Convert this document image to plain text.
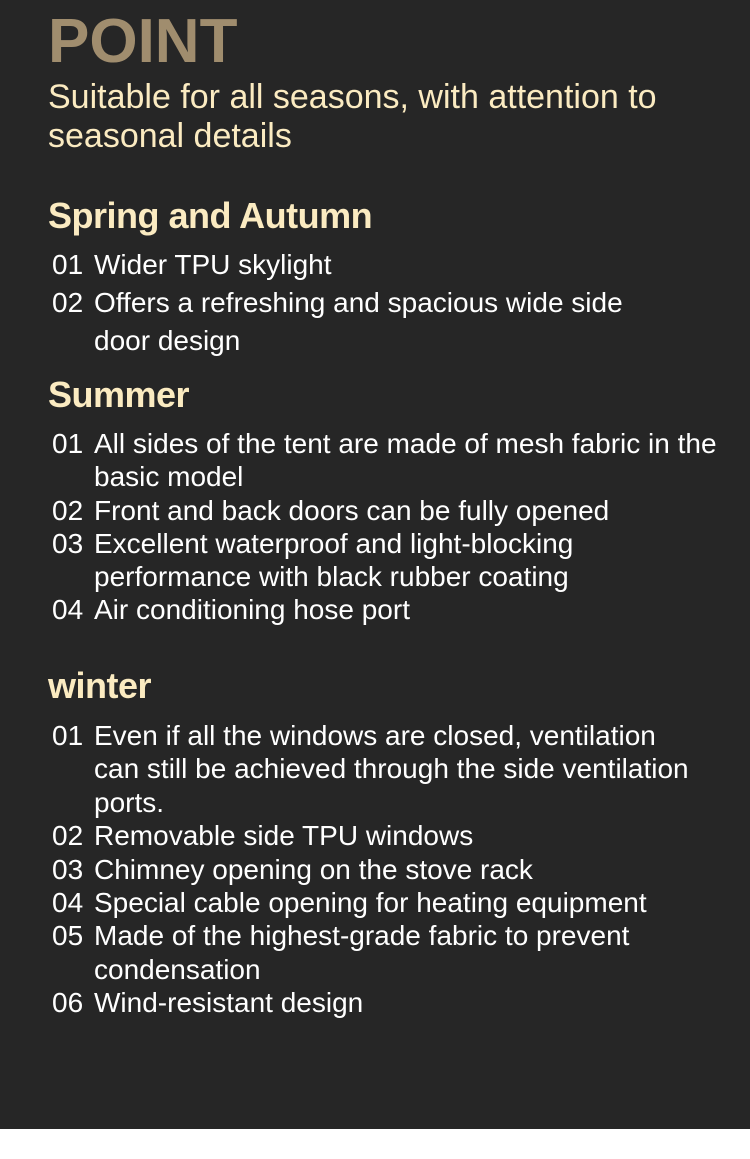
POINT

Suitable for all seasons, with attention to seasonal details

Spring and Autumn
01 Wider TPU skylight
02 Offers a refreshing and spacious wide side door design
Summer
01 All sides of the tent are made of mesh fabric in the basic model
02 Front and back doors can be fully opened
03 Excellent waterproof and light-blocking performance with black rubber coating
04 Air conditioning hose port
winter
01 Even if all the windows are closed, ventilation can still be achieved through the side ventilation ports.
02 Removable side TPU windows
03 Chimney opening on the stove rack
04 Special cable opening for heating equipment
05 Made of the highest-grade fabric to prevent condensation
06 Wind-resistant design
